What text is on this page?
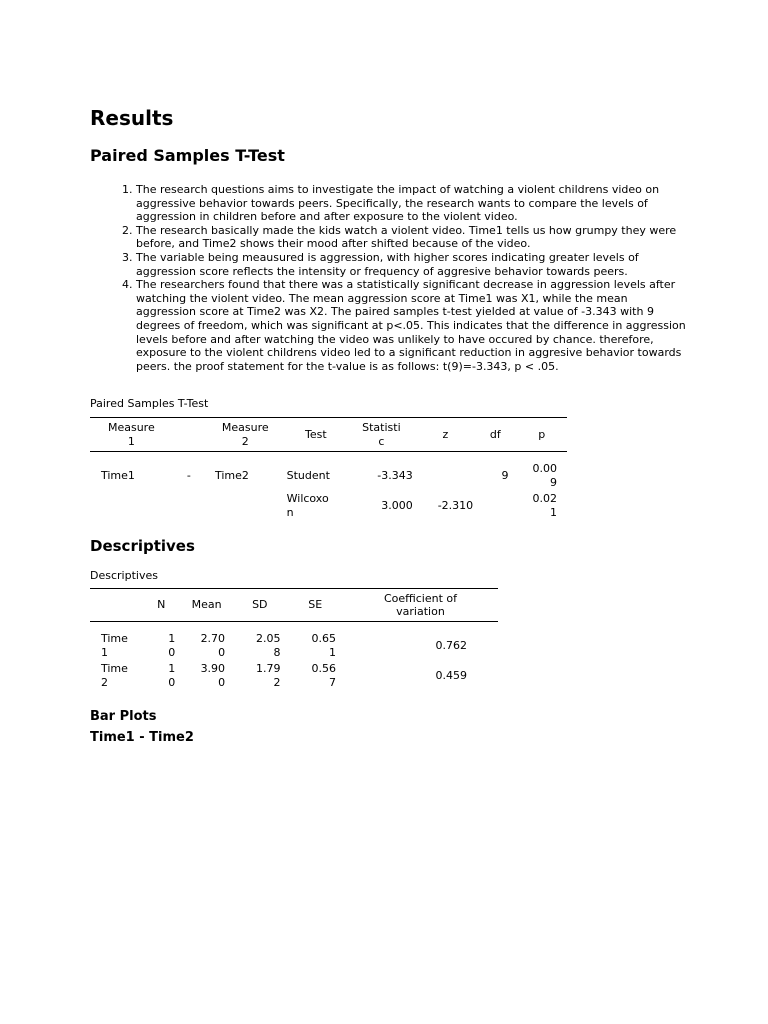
Results
Paired Samples T-Test
1. The research questions aims to investigate the impact of watching a violent childrens video on aggressive behavior towards peers. Specifically, the research wants to compare the levels of aggression in children before and after exposure to the violent video.
2. The research basically made the kids watch a violent video. Time1 tells us how grumpy they were before, and Time2 shows their mood after shifted because of the video.
3. The variable being meausured is aggression, with higher scores indicating greater levels of aggression score reflects the intensity or frequency of aggresive behavior towards peers.
4. The researchers found that there was a statistically significant decrease in aggression levels after watching the violent video. The mean aggression score at Time1 was X1, while the mean aggression score at Time2 was X2. The paired samples t-test yielded at value of -3.343 with 9 degrees of freedom, which was significant at p<.05. This indicates that the difference in aggression levels before and after watching the video was unlikely to have occured by chance. therefore, exposure to the violent childrens video led to a significant reduction in aggresive behavior towards peers. the proof statement for the t-value is as follows: t(9)=-3.343, p < .05.
Paired Samples T-Test
Measure 1		Measure 2	Test	Statistic	z	df	p

Time1	-	Time2	Student	-3.343		9	0.009
			Wilcoxon	3.000	-2.310		0.021
Descriptives
Descriptives
	N	Mean	SD	SE	Coefficient of variation

Time 1	10	2.700	2.058	0.651	0.762
Time 2	10	3.900	1.792	0.567	0.459
Bar Plots
Time1 - Time2
